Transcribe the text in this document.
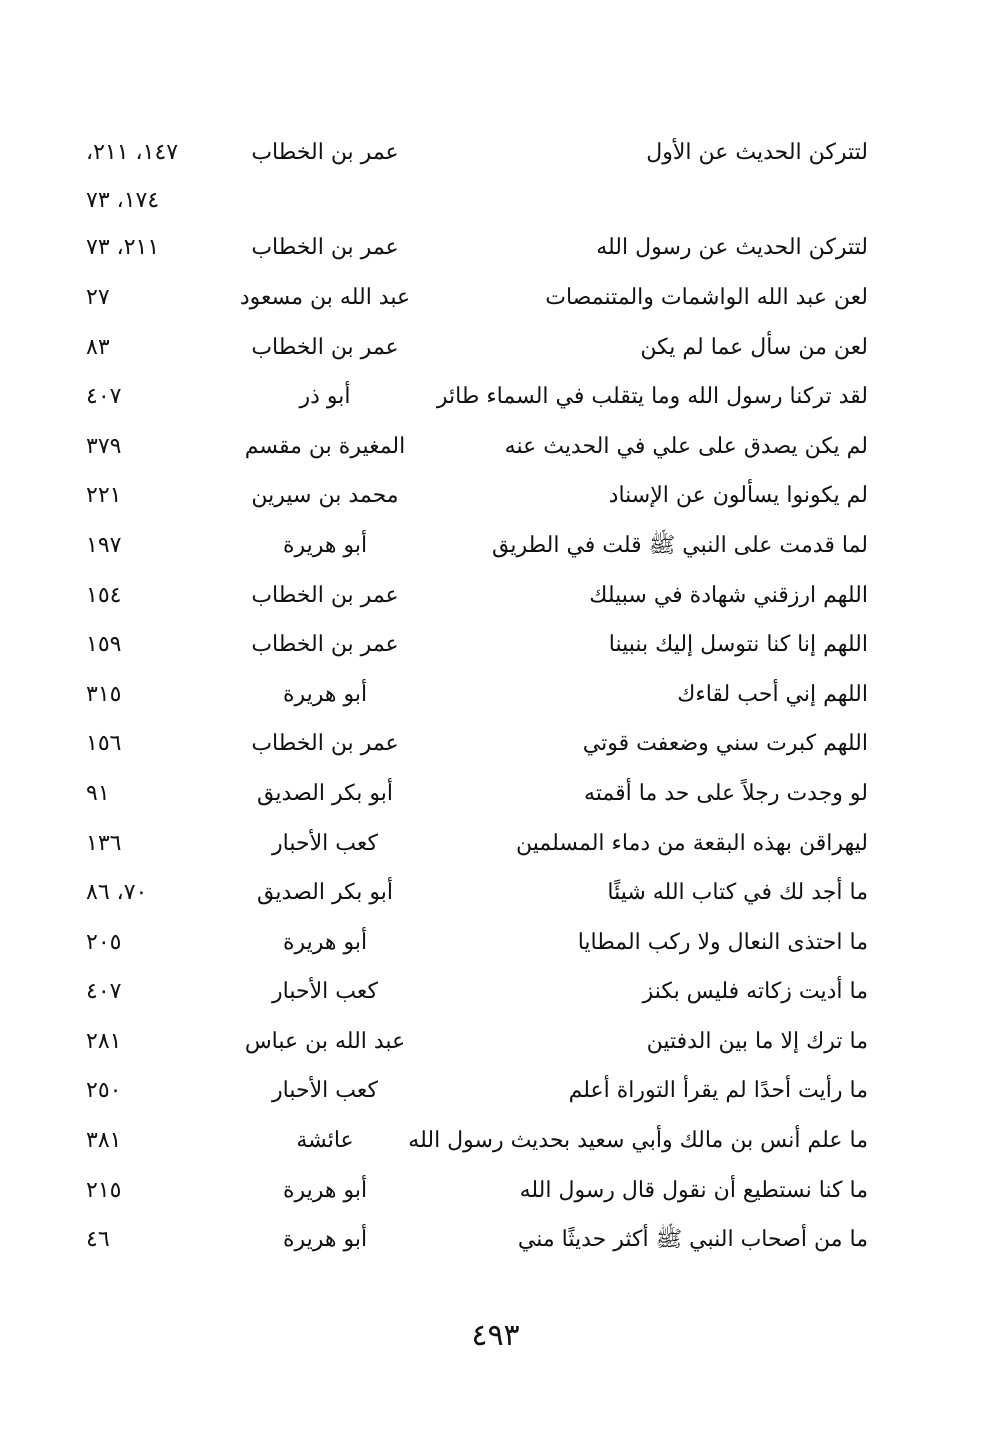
لتتركن الحديث عن الأول
عمر بن الخطاب
١٤٧، ٢١١،
١٧٤، ٧٣
لتتركن الحديث عن رسول الله
عمر بن الخطاب
٢١١، ٧٣
لعن عبد الله الواشمات والمتنمصات
عبد الله بن مسعود
٢٧
لعن من سأل عما لم يكن
عمر بن الخطاب
٨٣
لقد تركنا رسول الله وما يتقلب في السماء طائر
أبو ذر
٤٠٧
لم يكن يصدق على علي في الحديث عنه
المغيرة بن مقسم
٣٧٩
لم يكونوا يسألون عن الإسناد
محمد بن سيرين
٢٢١
لما قدمت على النبي ﷺ قلت في الطريق
أبو هريرة
١٩٧
اللهم ارزقني شهادة في سبيلك
عمر بن الخطاب
١٥٤
اللهم إنا كنا نتوسل إليك بنبينا
عمر بن الخطاب
١٥٩
اللهم إني أحب لقاءك
أبو هريرة
٣١٥
اللهم كبرت سني وضعفت قوتي
عمر بن الخطاب
١٥٦
لو وجدت رجلاً على حد ما أقمته
أبو بكر الصديق
٩١
ليهراقن بهذه البقعة من دماء المسلمين
كعب الأحبار
١٣٦
ما أجد لك في كتاب الله شيئًا
أبو بكر الصديق
٧٠، ٨٦
ما احتذى النعال ولا ركب المطايا
أبو هريرة
٢٠٥
ما أديت زكاته فليس بكنز
كعب الأحبار
٤٠٧
ما ترك إلا ما بين الدفتين
عبد الله بن عباس
٢٨١
ما رأيت أحدًا لم يقرأ التوراة أعلم
كعب الأحبار
٢٥٠
ما علم أنس بن مالك وأبي سعيد بحديث رسول الله
عائشة
٣٨١
ما كنا نستطيع أن نقول قال رسول الله
أبو هريرة
٢١٥
ما من أصحاب النبي ﷺ أكثر حديثًا مني
أبو هريرة
٤٦
٤٩٣
